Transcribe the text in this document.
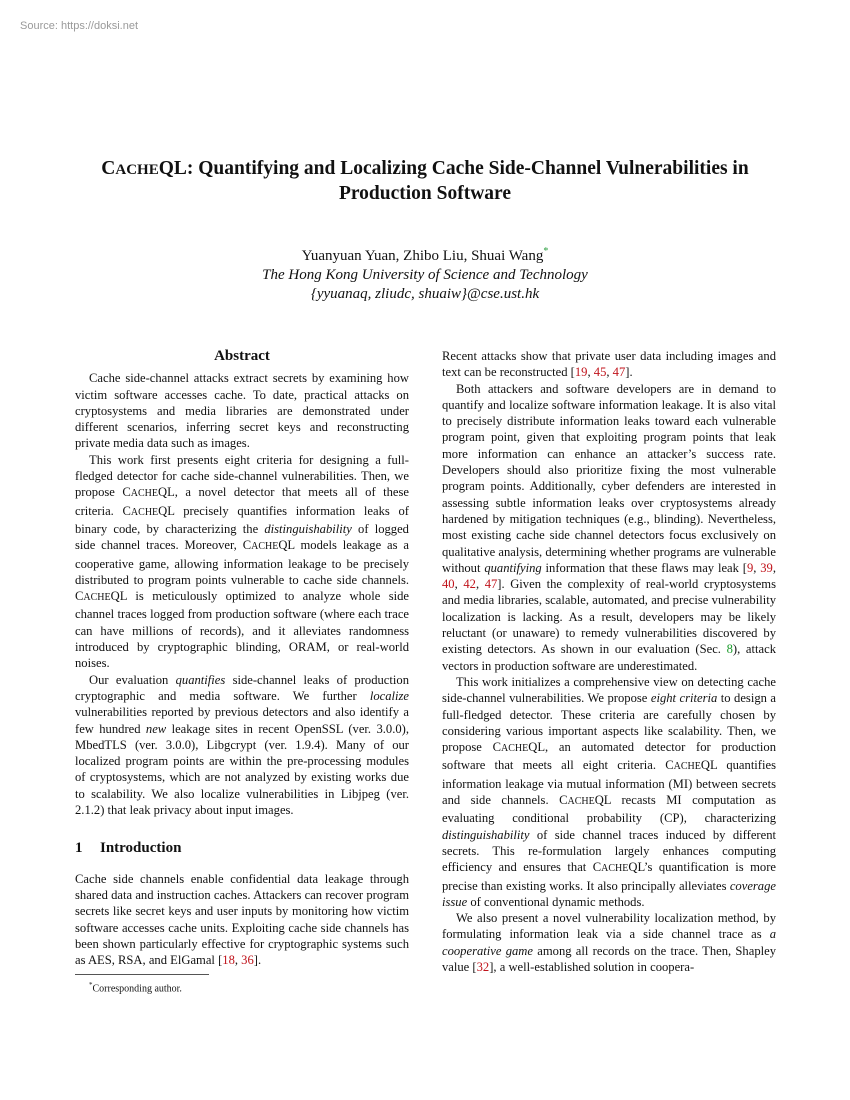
Source: https://doksi.net
CACHEQL: Quantifying and Localizing Cache Side-Channel Vulnerabilities in
Production Software
Yuanyuan Yuan, Zhibo Liu, Shuai Wang*
The Hong Kong University of Science and Technology
{yyuanaq, zliudc, shuaiw}@cse.ust.hk
Abstract

Cache side-channel attacks extract secrets by examining how victim software accesses cache. To date, practical attacks on cryptosystems and media libraries are demonstrated under different scenarios, inferring secret keys and reconstructing private media data such as images.

This work first presents eight criteria for designing a full-fledged detector for cache side-channel vulnerabilities. Then, we propose CACHEQL, a novel detector that meets all of these criteria. CACHEQL precisely quantifies information leaks of binary code, by characterizing the distinguishability of logged side channel traces. Moreover, CACHEQL models leakage as a cooperative game, allowing information leakage to be precisely distributed to program points vulnerable to cache side channels. CACHEQL is meticulously optimized to analyze whole side channel traces logged from production software (where each trace can have millions of records), and it alleviates randomness introduced by cryptographic blinding, ORAM, or real-world noises.

Our evaluation quantifies side-channel leaks of production cryptographic and media software. We further localize vulnerabilities reported by previous detectors and also identify a few hundred new leakage sites in recent OpenSSL (ver. 3.0.0), MbedTLS (ver. 3.0.0), Libgcrypt (ver. 1.9.4). Many of our localized program points are within the pre-processing modules of cryptosystems, which are not analyzed by existing works due to scalability. We also localize vulnerabilities in Libjpeg (ver. 2.1.2) that leak privacy about input images.

1 Introduction

Cache side channels enable confidential data leakage through shared data and instruction caches. Attackers can recover program secrets like secret keys and user inputs by monitoring how victim software accesses cache units. Exploiting cache side channels has been shown particularly effective for cryptographic systems such as AES, RSA, and ElGamal [18, 36].

*Corresponding author.

Recent attacks show that private user data including images and text can be reconstructed [19, 45, 47].

Both attackers and software developers are in demand to quantify and localize software information leakage. It is also vital to precisely distribute information leaks toward each vulnerable program point, given that exploiting program points that leak more information can enhance an attacker’s success rate. Developers should also prioritize fixing the most vulnerable program points. Additionally, cyber defenders are interested in assessing subtle information leaks over cryptosystems already hardened by mitigation techniques (e.g., blinding). Nevertheless, most existing cache side channel detectors focus exclusively on qualitative analysis, determining whether programs are vulnerable without quantifying information that these flaws may leak [9, 39, 40, 42, 47]. Given the complexity of real-world cryptosystems and media libraries, scalable, automated, and precise vulnerability localization is lacking. As a result, developers may be likely reluctant (or unaware) to remedy vulnerabilities discovered by existing detectors. As shown in our evaluation (Sec. 8), attack vectors in production software are underestimated.

This work initializes a comprehensive view on detecting cache side-channel vulnerabilities. We propose eight criteria to design a full-fledged detector. These criteria are carefully chosen by considering various important aspects like scalability. Then, we propose CACHEQL, an automated detector for production software that meets all eight criteria. CACHEQL quantifies information leakage via mutual information (MI) between secrets and side channels. CACHEQL recasts MI computation as evaluating conditional probability (CP), characterizing distinguishability of side channel traces induced by different secrets. This re-formulation largely enhances computing efficiency and ensures that CACHEQL’s quantification is more precise than existing works. It also principally alleviates coverage issue of conventional dynamic methods.

We also present a novel vulnerability localization method, by formulating information leak via a side channel trace as a cooperative game among all records on the trace. Then, Shapley value [32], a well-established solution in coopera-
